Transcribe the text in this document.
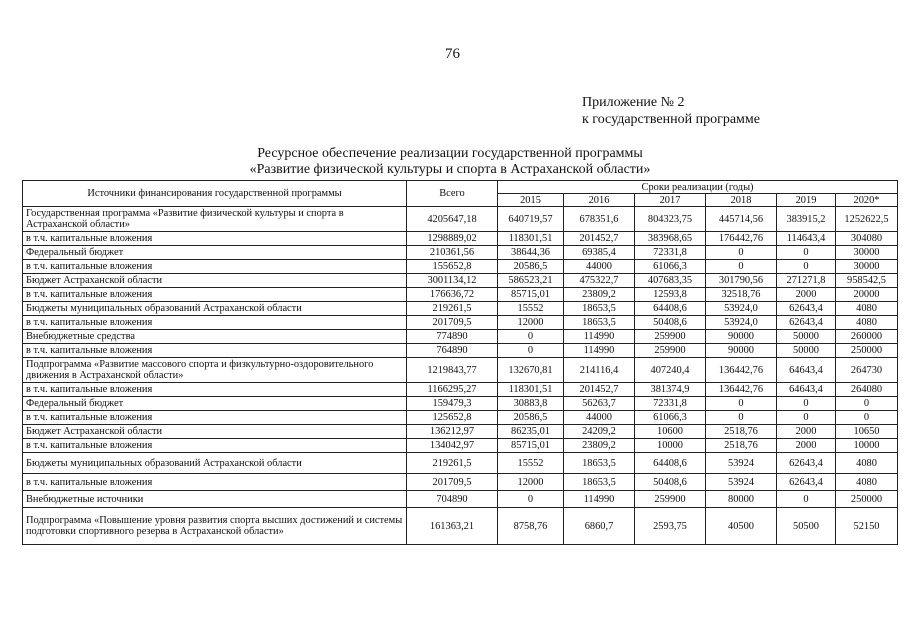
76
Приложение № 2
к государственной программе
Ресурсное обеспечение реализации государственной программы
«Развитие физической культуры и спорта в Астраханской области»
Источники финансирования государственной программы	Всего	Сроки реализации (годы)					
		2015	2016	2017	2018	2019	2020*
Государственная программа «Развитие физической культуры и спорта в Астраханской области»	4205647,18	640719,57	678351,6	804323,75	445714,56	383915,2	1252622,5
в т.ч. капитальные вложения	1298889,02	118301,51	201452,7	383968,65	176442,76	114643,4	304080
Федеральный бюджет	210361,56	38644,36	69385,4	72331,8	0	0	30000
в т.ч. капитальные вложения	155652,8	20586,5	44000	61066,3	0	0	30000
Бюджет Астраханской области	3001134,12	586523,21	475322,7	407683,35	301790,56	271271,8	958542,5
в т.ч. капитальные вложения	176636,72	85715,01	23809,2	12593,8	32518,76	2000	20000
Бюджеты муниципальных образований Астраханской области	219261,5	15552	18653,5	64408,6	53924,0	62643,4	4080
в т.ч. капитальные вложения	201709,5	12000	18653,5	50408,6	53924,0	62643,4	4080
Внебюджетные средства	774890	0	114990	259900	90000	50000	260000
в т.ч. капитальные вложения	764890	0	114990	259900	90000	50000	250000
Подпрограмма «Развитие массового спорта и физкультурно-оздоровительного движения в Астраханской области»	1219843,77	132670,81	214116,4	407240,4	136442,76	64643,4	264730
в т.ч. капитальные вложения	1166295,27	118301,51	201452,7	381374,9	136442,76	64643,4	264080
Федеральный бюджет	159479,3	30883,8	56263,7	72331,8	0	0	0
в т.ч. капитальные вложения	125652,8	20586,5	44000	61066,3	0	0	0
Бюджет Астраханской области	136212,97	86235,01	24209,2	10600	2518,76	2000	10650
в т.ч. капитальные вложения	134042,97	85715,01	23809,2	10000	2518,76	2000	10000
Бюджеты муниципальных образований Астраханской области	219261,5	15552	18653,5	64408,6	53924	62643,4	4080
в т.ч. капитальные вложения	201709,5	12000	18653,5	50408,6	53924	62643,4	4080
Внебюджетные источники	704890	0	114990	259900	80000	0	250000
Подпрограмма «Повышение уровня развития спорта высших достижений и системы подготовки спортивного резерва в Астраханской области»	161363,21	8758,76	6860,7	2593,75	40500	50500	52150
